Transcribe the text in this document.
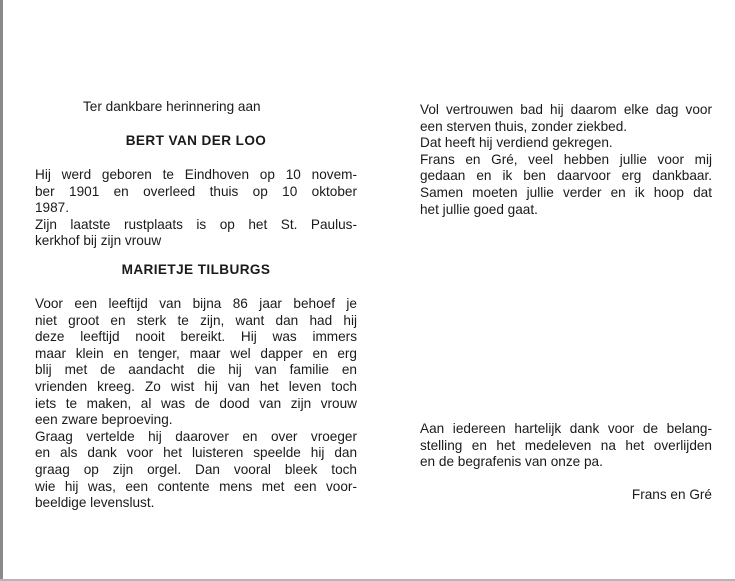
Ter dankbare herinnering aan
BERT VAN DER LOO
Hij werd geboren te Eindhoven op 10 novem-
ber 1901 en overleed thuis op 10 oktober
1987.
Zijn laatste rustplaats is op het St. Paulus-
kerkhof bij zijn vrouw
MARIETJE TILBURGS
Voor een leeftijd van bijna 86 jaar behoef je
niet groot en sterk te zijn, want dan had hij
deze leeftijd nooit bereikt. Hij was immers
maar klein en tenger, maar wel dapper en erg
blij met de aandacht die hij van familie en
vrienden kreeg. Zo wist hij van het leven toch
iets te maken, al was de dood van zijn vrouw
een zware beproeving.
Graag vertelde hij daarover en over vroeger
en als dank voor het luisteren speelde hij dan
graag op zijn orgel. Dan vooral bleek toch
wie hij was, een contente mens met een voor-
beeldige levenslust.
Vol vertrouwen bad hij daarom elke dag voor
een sterven thuis, zonder ziekbed.
Dat heeft hij verdiend gekregen.
Frans en Gré, veel hebben jullie voor mij
gedaan en ik ben daarvoor erg dankbaar.
Samen moeten jullie verder en ik hoop dat
het jullie goed gaat.
Aan iedereen hartelijk dank voor de belang-
stelling en het medeleven na het overlijden
en de begrafenis van onze pa.
Frans en Gré
